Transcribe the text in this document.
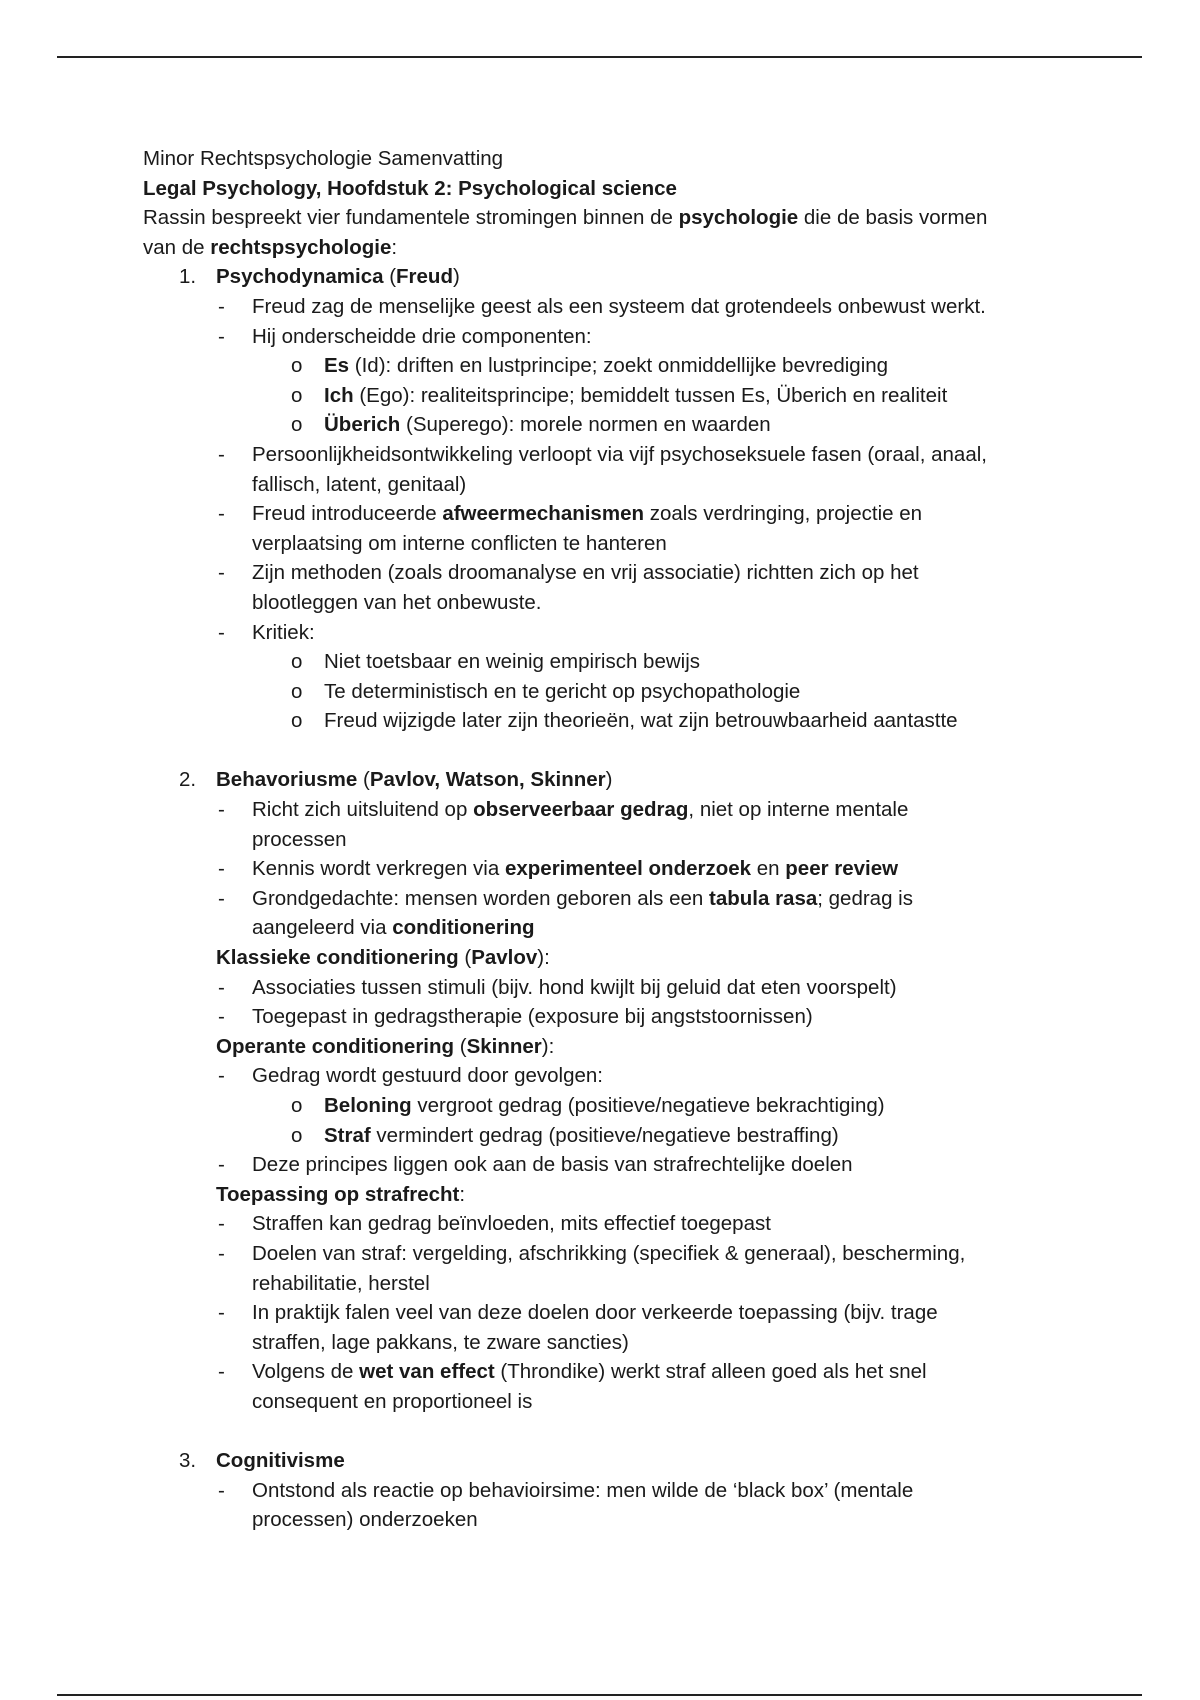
Minor Rechtspsychologie Samenvatting
Legal Psychology, Hoofdstuk 2: Psychological science
Rassin bespreekt vier fundamentele stromingen binnen de psychologie die de basis vormen
van de rechtspsychologie:
1. Psychodynamica (Freud)
- Freud zag de menselijke geest als een systeem dat grotendeels onbewust werkt.
- Hij onderscheidde drie componenten:
o Es (Id): driften en lustprincipe; zoekt onmiddellijke bevrediging
o Ich (Ego): realiteitsprincipe; bemiddelt tussen Es, Überich en realiteit
o Überich (Superego): morele normen en waarden
- Persoonlijkheidsontwikkeling verloopt via vijf psychoseksuele fasen (oraal, anaal,
fallisch, latent, genitaal)
- Freud introduceerde afweermechanismen zoals verdringing, projectie en
verplaatsing om interne conflicten te hanteren
- Zijn methoden (zoals droomanalyse en vrij associatie) richtten zich op het
blootleggen van het onbewuste.
- Kritiek:
o Niet toetsbaar en weinig empirisch bewijs
o Te deterministisch en te gericht op psychopathologie
o Freud wijzigde later zijn theorieën, wat zijn betrouwbaarheid aantastte
2. Behavoriusme (Pavlov, Watson, Skinner)
- Richt zich uitsluitend op observeerbaar gedrag, niet op interne mentale
processen
- Kennis wordt verkregen via experimenteel onderzoek en peer review
- Grondgedachte: mensen worden geboren als een tabula rasa; gedrag is
aangeleerd via conditionering
Klassieke conditionering (Pavlov):
- Associaties tussen stimuli (bijv. hond kwijlt bij geluid dat eten voorspelt)
- Toegepast in gedragstherapie (exposure bij angststoornissen)
Operante conditionering (Skinner):
- Gedrag wordt gestuurd door gevolgen:
o Beloning vergroot gedrag (positieve/negatieve bekrachtiging)
o Straf vermindert gedrag (positieve/negatieve bestraffing)
- Deze principes liggen ook aan de basis van strafrechtelijke doelen
Toepassing op strafrecht:
- Straffen kan gedrag beïnvloeden, mits effectief toegepast
- Doelen van straf: vergelding, afschrikking (specifiek & generaal), bescherming,
rehabilitatie, herstel
- In praktijk falen veel van deze doelen door verkeerde toepassing (bijv. trage
straffen, lage pakkans, te zware sancties)
- Volgens de wet van effect (Throndike) werkt straf alleen goed als het snel
consequent en proportioneel is
3. Cognitivisme
- Ontstond als reactie op behavioirsime: men wilde de ‘black box’ (mentale
processen) onderzoeken
